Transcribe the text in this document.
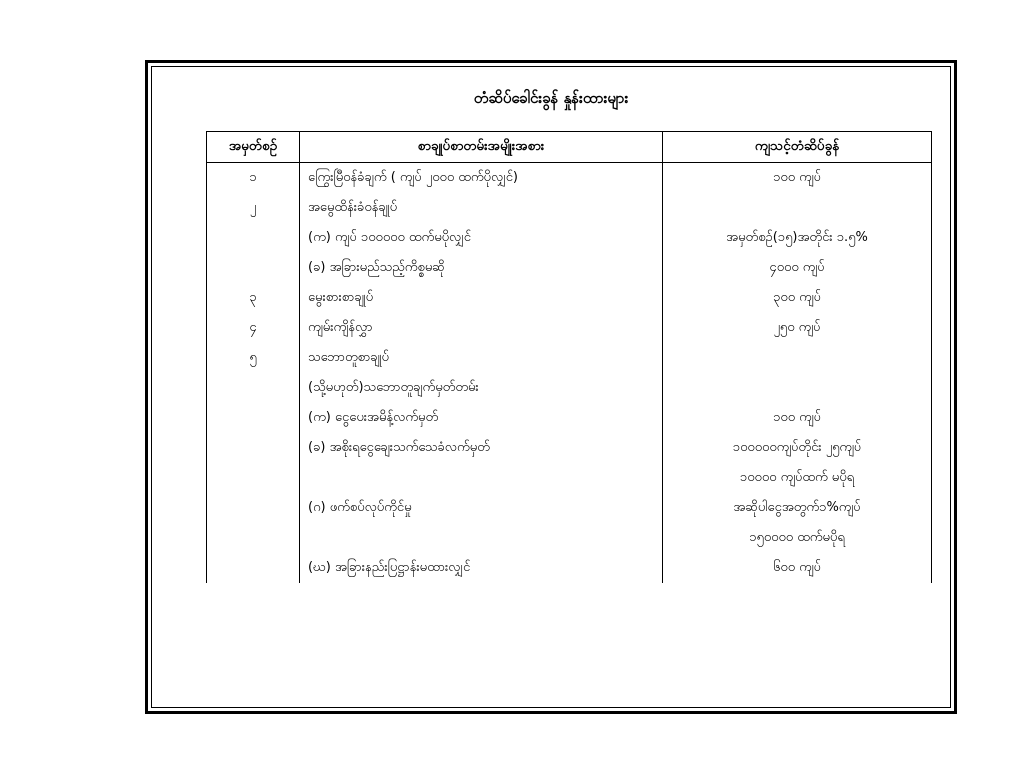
တံဆိပ်ခေါင်းခွန် နှုန်းထားများ
အမှတ်စဉ်	စာချုပ်စာတမ်းအမျိုးအစား	ကျသင့်တံဆိပ်ခွန်
၁	ကြွေးမြီဝန်ခံချက် ( ကျပ် ၂၀၀၀ ထက်ပိုလျှင်)	၁၀၀ ကျပ်
၂	အမွေထိန်းခံဝန်ချုပ်	
	(က) ကျပ် ၁၀၀၀၀၀ ထက်မပိုလျှင်	အမှတ်စဉ်(၁၅)အတိုင်း ၁.၅%
	(ခ) အခြားမည်သည့်ကိစ္စမဆို	၄၀၀၀ ကျပ်
၃	မွေးစားစာချုပ်	၃၀၀ ကျပ်
၄	ကျမ်းကျိန်လွှာ	၂၅၀ ကျပ်
၅	သဘောတူစာချုပ်	
	(သို့မဟုတ်)သဘောတူချက်မှတ်တမ်း	
	(က) ငွေပေးအမိန့်လက်မှတ်	၁၀၀ ကျပ်
	(ခ) အစိုးရငွေချေးသက်သေခံလက်မှတ်	၁၀၀၀၀၀ကျပ်တိုင်း ၂၅ကျပ်
		၁၀၀၀၀ ကျပ်ထက် မပိုရ
	(ဂ) ဖက်စပ်လုပ်ကိုင်မှု	အဆိုပါငွေအတွက်၁%ကျပ်
		၁၅၀၀၀၀ ထက်မပိုရ
	(ဃ) အခြားနည်းပြဋ္ဌာန်းမထားလျှင်	၆၀၀ ကျပ်
